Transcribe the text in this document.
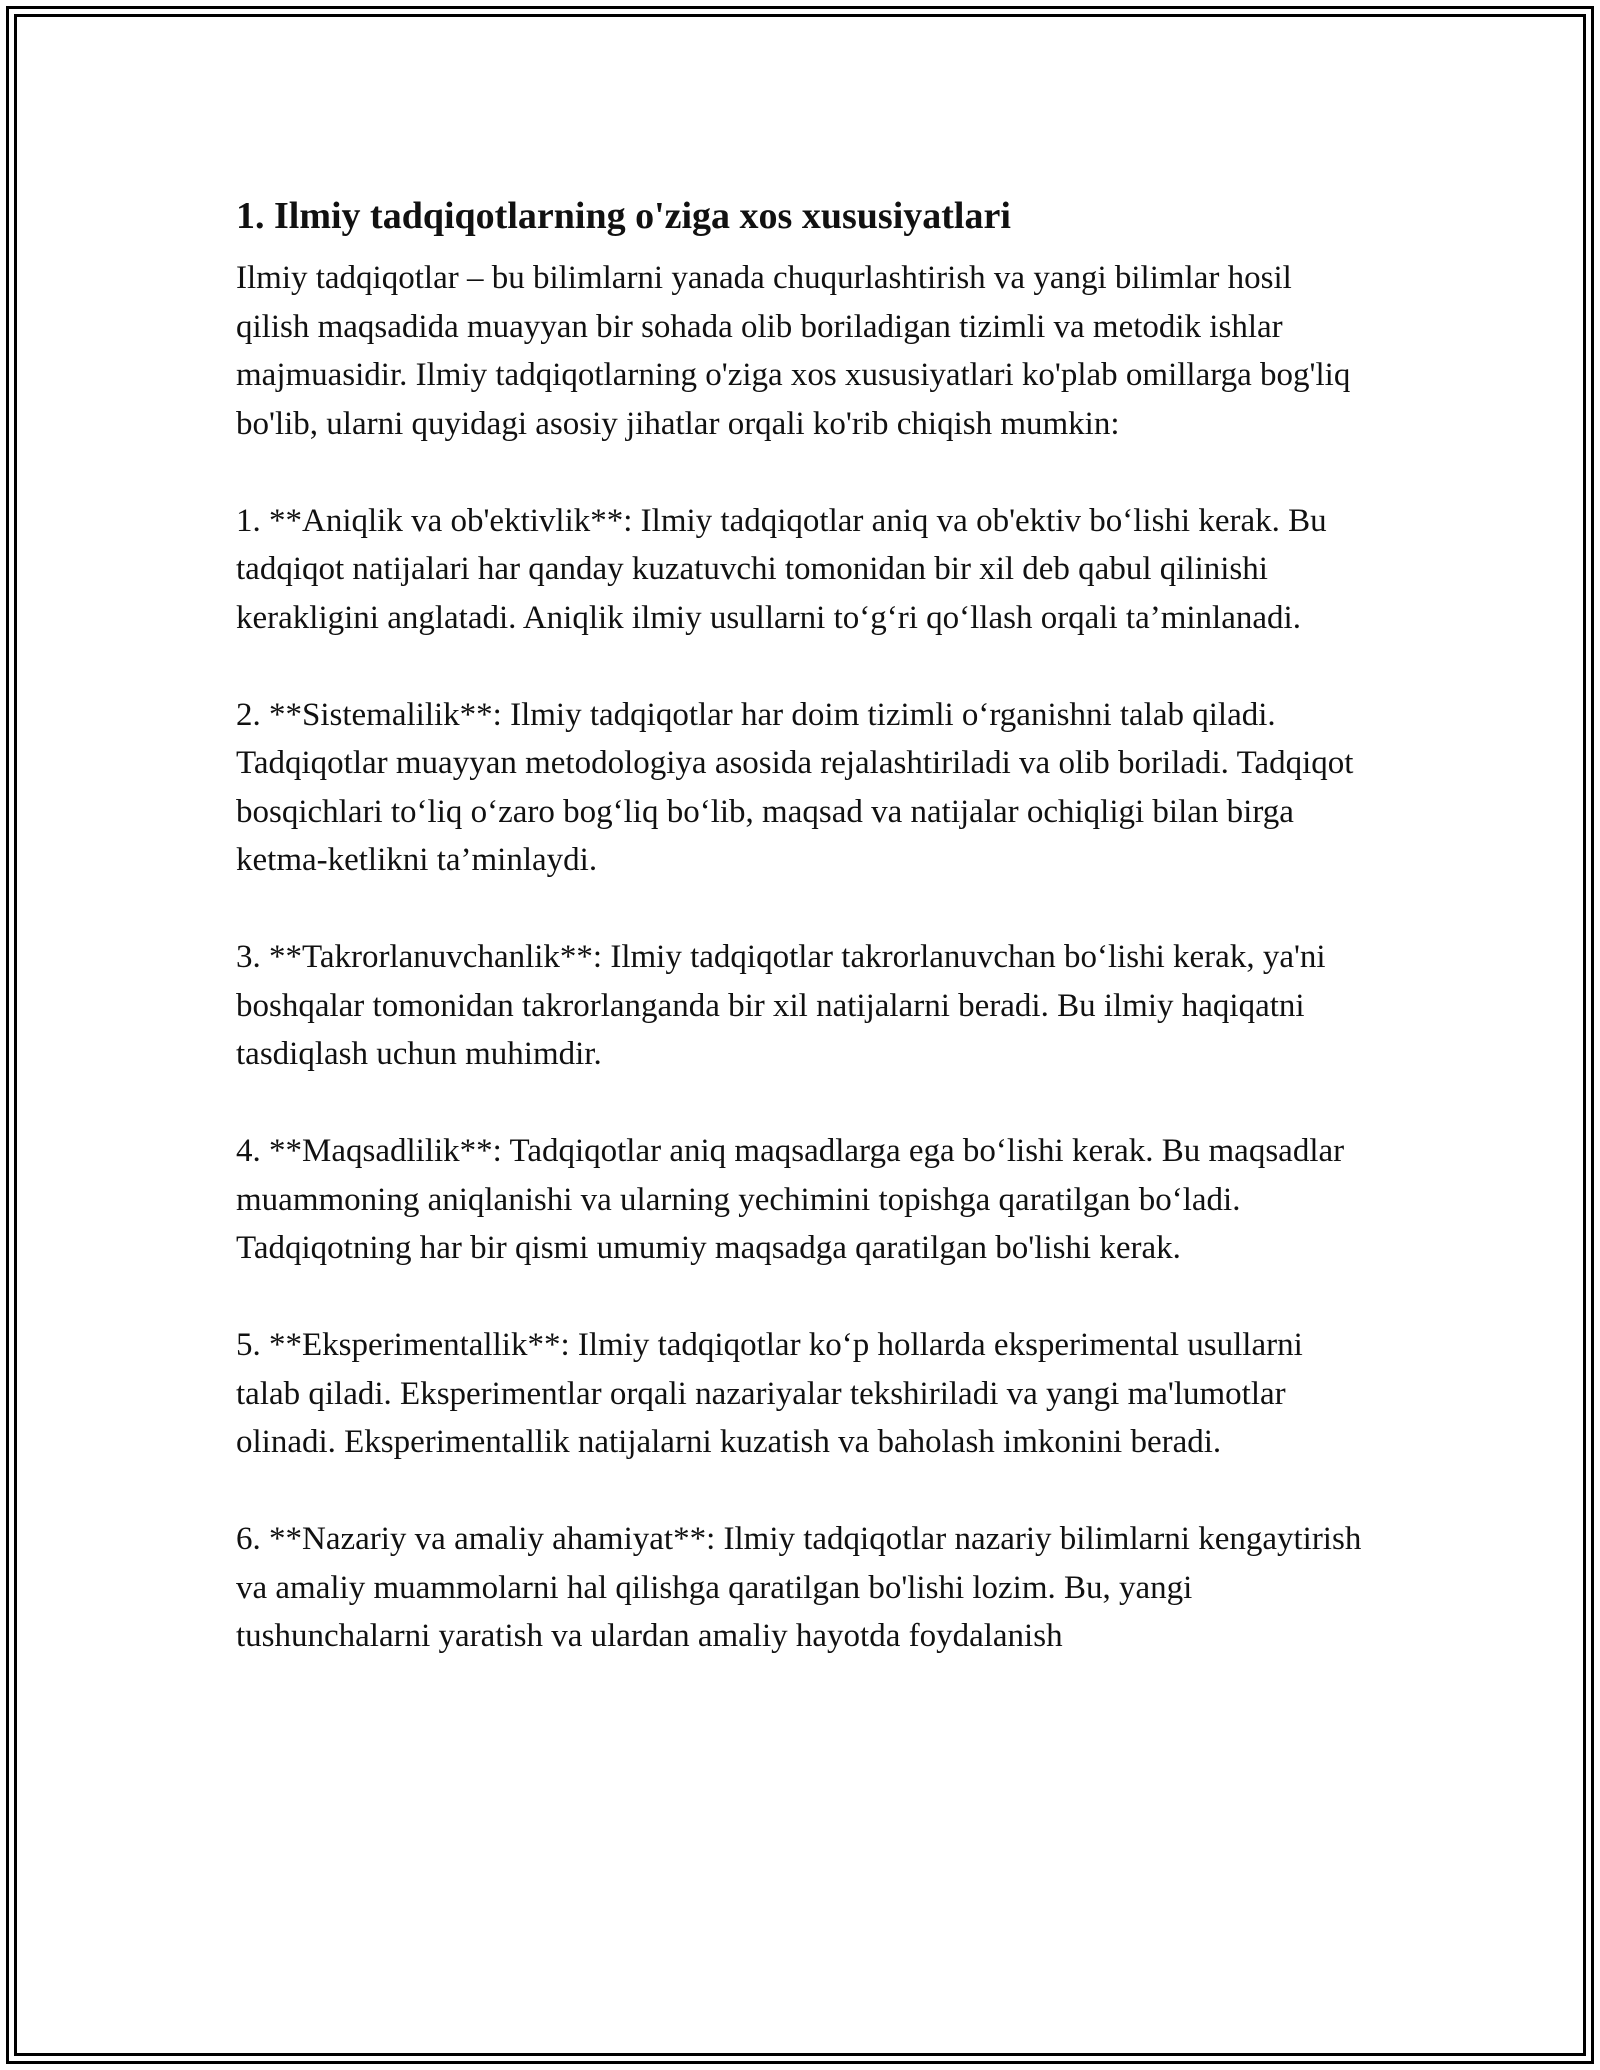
1. Ilmiy tadqiqotlarning o'ziga xos xususiyatlari

Ilmiy tadqiqotlar – bu bilimlarni yanada chuqurlashtirish va yangi bilimlar hosil qilish maqsadida muayyan bir sohada olib boriladigan tizimli va metodik ishlar majmuasidir. Ilmiy tadqiqotlarning o'ziga xos xususiyatlari ko'plab omillarga bog'liq bo'lib, ularni quyidagi asosiy jihatlar orqali ko'rib chiqish mumkin:

1. **Aniqlik va ob'ektivlik**: Ilmiy tadqiqotlar aniq va ob'ektiv bo‘lishi kerak. Bu tadqiqot natijalari har qanday kuzatuvchi tomonidan bir xil deb qabul qilinishi kerakligini anglatadi. Aniqlik ilmiy usullarni to‘g‘ri qo‘llash orqali ta’minlanadi.

2. **Sistemalilik**: Ilmiy tadqiqotlar har doim tizimli o‘rganishni talab qiladi. Tadqiqotlar muayyan metodologiya asosida rejalashtiriladi va olib boriladi. Tadqiqot bosqichlari to‘liq o‘zaro bog‘liq bo‘lib, maqsad va natijalar ochiqligi bilan birga ketma-ketlikni ta’minlaydi.

3. **Takrorlanuvchanlik**: Ilmiy tadqiqotlar takrorlanuvchan bo‘lishi kerak, ya'ni boshqalar tomonidan takrorlanganda bir xil natijalarni beradi. Bu ilmiy haqiqatni tasdiqlash uchun muhimdir.

4. **Maqsadlilik**: Tadqiqotlar aniq maqsadlarga ega bo‘lishi kerak. Bu maqsadlar muammoning aniqlanishi va ularning yechimini topishga qaratilgan bo‘ladi. Tadqiqotning har bir qismi umumiy maqsadga qaratilgan bo'lishi kerak.

5. **Eksperimentallik**: Ilmiy tadqiqotlar ko‘p hollarda eksperimental usullarni talab qiladi. Eksperimentlar orqali nazariyalar tekshiriladi va yangi ma'lumotlar olinadi. Eksperimentallik natijalarni kuzatish va baholash imkonini beradi.

6. **Nazariy va amaliy ahamiyat**: Ilmiy tadqiqotlar nazariy bilimlarni kengaytirish va amaliy muammolarni hal qilishga qaratilgan bo'lishi lozim. Bu, yangi tushunchalarni yaratish va ulardan amaliy hayotda foydalanish
